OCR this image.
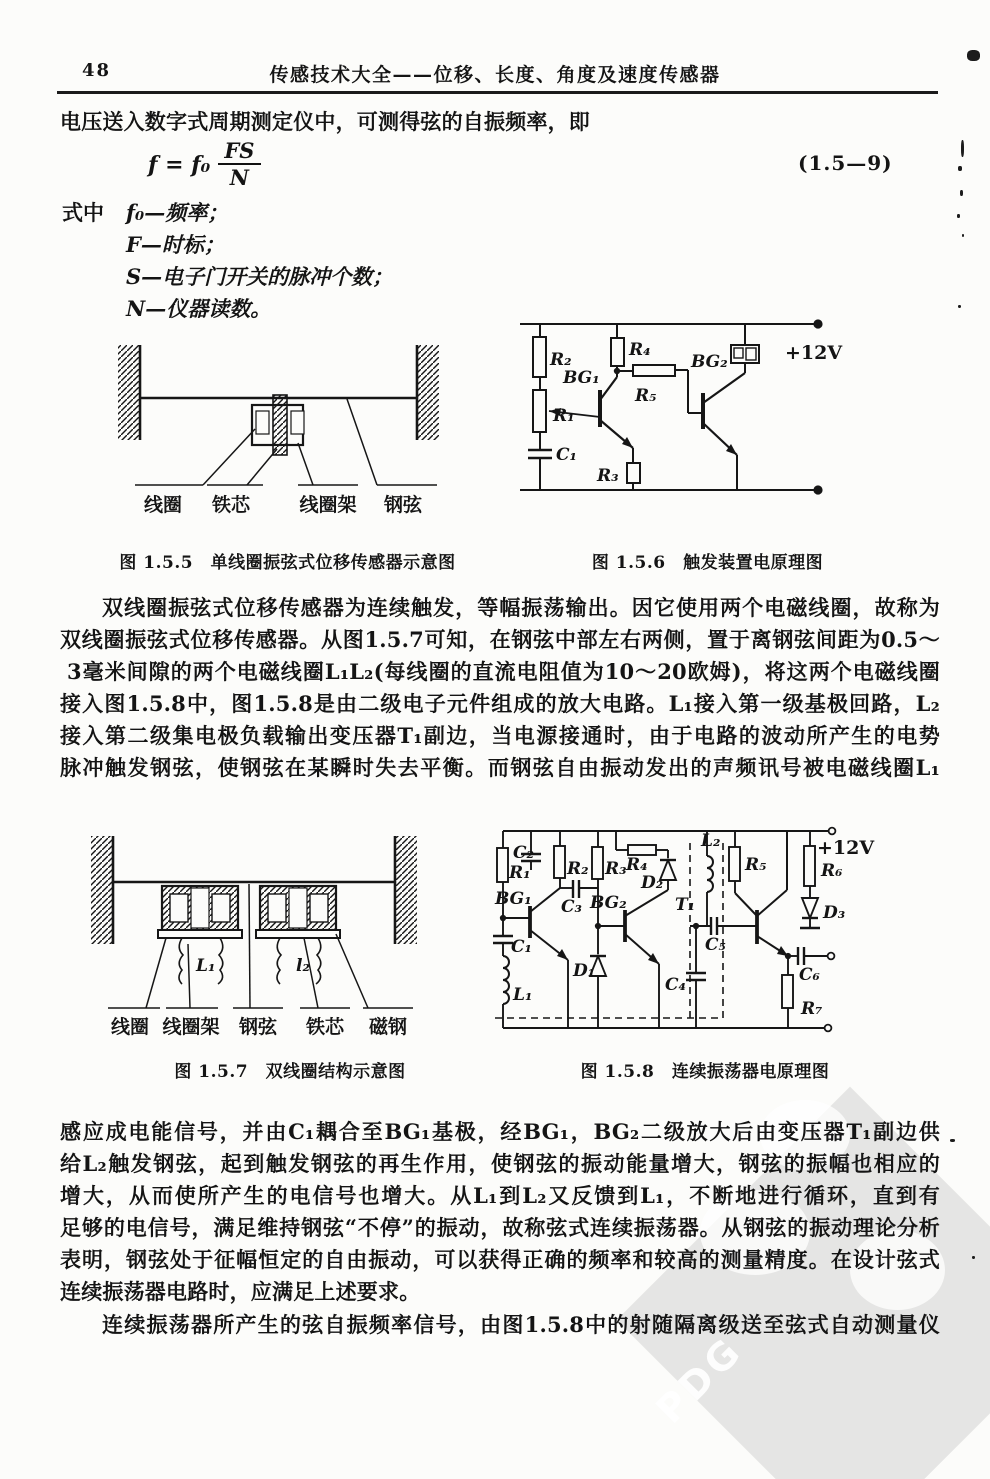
PDG
48	传感技术大全——位移、长度、角度及速度传感器
电压送入数字式周期测定仪中，可测得弦的自振频率，即
$f = f_0 \frac{FS}{N}$	(1.5—9)
式中 f₀—频率；
F—时标；
S—电子门开关的脉冲个数；
N—仪器读数。
线圈 铁芯	线圈架 钢弦
图 1.5.5　单线圈振弦式位移传感器示意图
R₂
R₁
C₁
R₄
BG₁
R₅
R₃
BG₂	+12V
图 1.5.6　触发装置电原理图
双线圈振弦式位移传感器为连续触发，等幅振荡输出。因它使用两个电磁线圈，故称为
双线圈振弦式位移传感器。从图1.5.7可知，在钢弦中部左右两侧，置于离钢弦间距为0.5～
3毫米间隙的两个电磁线圈L₁L₂(每线圈的直流电阻值为10～20欧姆)，将这两个电磁线圈
接入图1.5.8中，图1.5.8是由二级电子元件组成的放大电路。L₁接入第一级基极回路，L₂
接入第二级集电极负载输出变压器T₁副边，当电源接通时，由于电路的波动所产生的电势
脉冲触发钢弦，使钢弦在某瞬时失去平衡。而钢弦自由振动发出的声频讯号被电磁线圈L₁
L₁	l₂
线圈 线圈架 钢弦 铁芯 磁钢
图 1.5.7　双线圈结构示意图
C₂
R₁ R₂ R₃ R₄
D₂
L₂
R₅	R₆
+12V
BG₁ C₃ BG₂	T₁
C₅
D₃
C₁
D₁
C₄	C₆
L₁
R₇
图 1.5.8　连续振荡器电原理图
感应成电能信号，并由C₁耦合至BG₁基极，经BG₁，BG₂二级放大后由变压器T₁副边供
给L₂触发钢弦，起到触发钢弦的再生作用，使钢弦的振动能量增大，钢弦的振幅也相应的
增大，从而使所产生的电信号也增大。从L₁到L₂又反馈到L₁，不断地进行循环，直到有
足够的电信号，满足维持钢弦“不停”的振动，故称弦式连续振荡器。从钢弦的振动理论分析
表明，钢弦处于征幅恒定的自由振动，可以获得正确的频率和较高的测量精度。在设计弦式
连续振荡器电路时，应满足上述要求。
连续振荡器所产生的弦自振频率信号，由图1.5.8中的射随隔离级送至弦式自动测量仪
